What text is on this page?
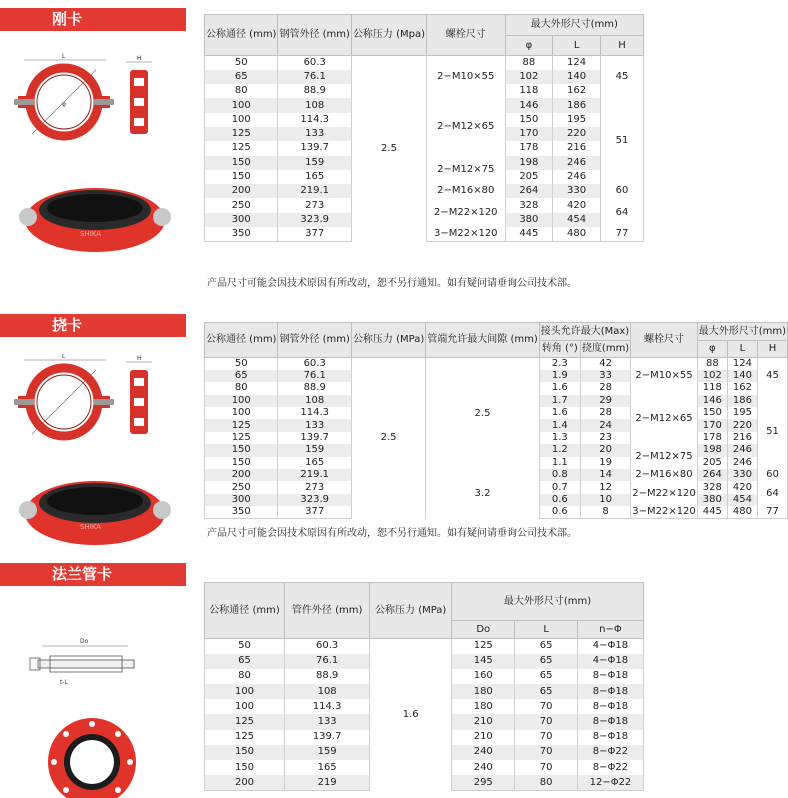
刚卡
L
φ
H
SHIKA
公称通径 (mm)	钢管外径 (mm)	公称压力 (Mpa)	螺栓尺寸	最大外形尺寸(mm)		
				φ	L	H
50	60.3	2.5	2−M10×55	88	124	45
65	76.1			102	140	
80	88.9			118	162	
100	108		2−M12×65	146	186	51
100	114.3			150	195	
125	133			170	220	
125	139.7			178	216	
150	159		2−M12×75	198	246	
150	165			205	246	
200	219.1		2−M16×80	264	330	60
250	273		2−M22×120	328	420	64
300	323.9			380	454	
350	377		3−M22×120	445	480	77
产品尺寸可能会因技术原因有所改动，恕不另行通知。如有疑问请垂询公司技术部。
挠卡
L	H
SHIKA
公称通径 (mm)	钢管外径 (mm)	公称压力 (MPa)	管端允许最大间隙 (mm)	接头允许最大(Max)		螺栓尺寸	最大外形尺寸(mm)		
				转角 (°)	挠度(mm)		φ	L	H
50	60.3	2.5	2.5	2.3	42	2−M10×55	88	124	45
65	76.1			1.9	33		102	140	
80	88.9			1.6	28		118	162	
100	108			1.7	29	2−M12×65	146	186	51
100	114.3			1.6	28		150	195	
125	133			1.4	24		170	220	
125	139.7			1.3	23		178	216	
150	159			1.2	20	2−M12×75	198	246	
150	165			1.1	19		205	246	
200	219.1		3.2	0.8	14	2−M16×80	264	330	60
250	273			0.7	12	2−M22×120	328	420	64
300	323.9			0.6	10		380	454	
350	377			0.6	8	3−M22×120	445	480	77
产品尺寸可能会因技术原因有所改动，恕不另行通知。如有疑问请垂询公司技术部。
法兰管卡
Do
t-L
公称通径 (mm)	管件外径 (mm)	公称压力 (MPa)	最大外形尺寸(mm)		
			Do	L	n−Φ
50	60.3	1.6	125	65	4−Φ18
65	76.1		145	65	4−Φ18
80	88.9		160	65	8−Φ18
100	108		180	65	8−Φ18
100	114.3		180	70	8−Φ18
125	133		210	70	8−Φ18
125	139.7		210	70	8−Φ18
150	159		240	70	8−Φ22
150	165		240	70	8−Φ22
200	219		295	80	12−Φ22
